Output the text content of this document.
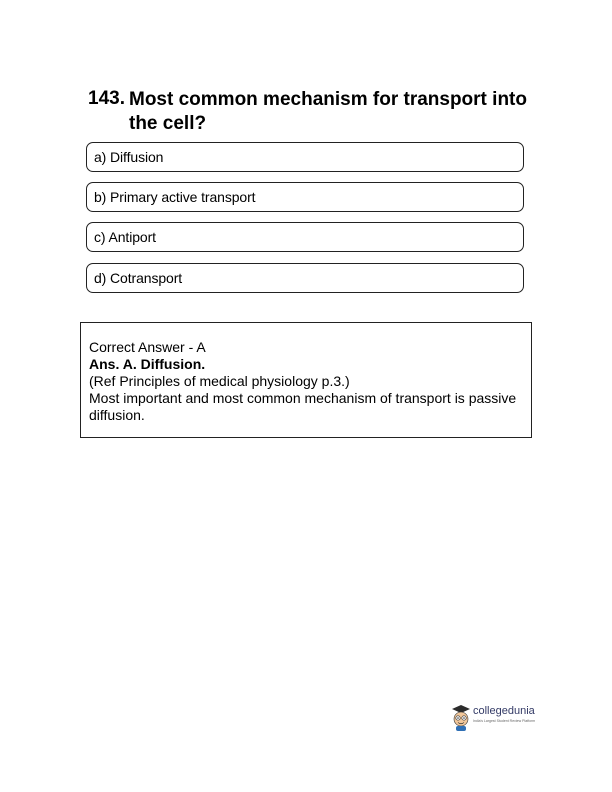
143. Most common mechanism for transport into the cell?
a) Diffusion
b) Primary active transport
c) Antiport
d) Cotransport
Correct Answer - A
Ans. A. Diffusion.
(Ref Principles of medical physiology p.3.)
Most important and most common mechanism of transport is passive diffusion.
collegedunia
India's Largest Student Review Platform
